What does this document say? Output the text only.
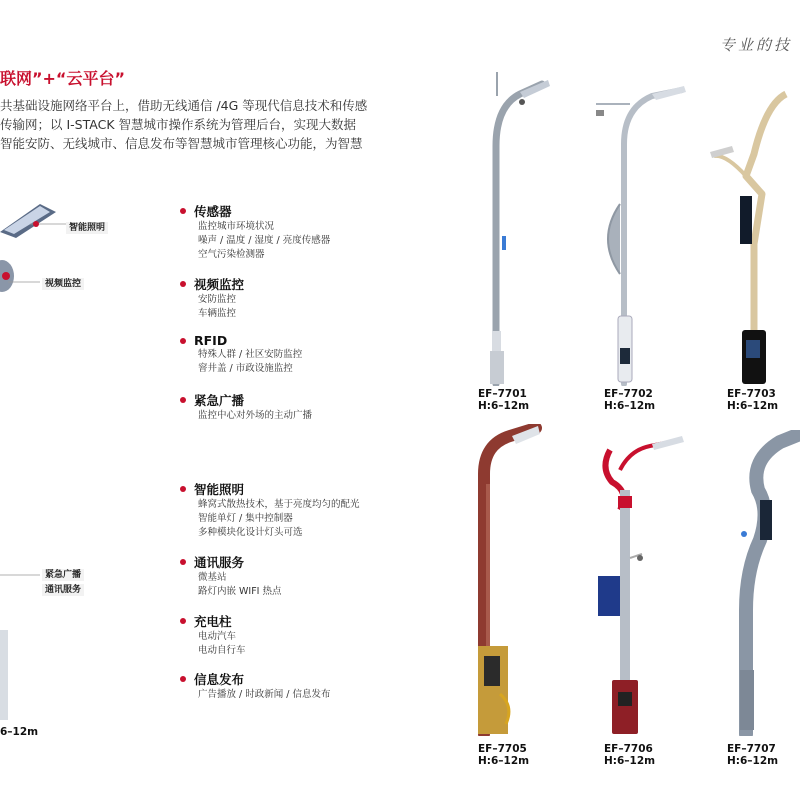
专业的技
联网”+“云平台”
共基础设施网络平台上，借助无线通信 /4G 等现代信息技术和传感
传输网；以 I-STACK 智慧城市操作系统为管理后台，实现大数据
智能安防、无线城市、信息发布等智慧城市管理核心功能，为智慧
智能照明
视频监控
紧急广播
通讯服务
6–12m
传感器
监控城市环境状况
噪声 / 温度 / 湿度 / 亮度传感器
空气污染检测器
视频监控
安防监控
车辆监控
RFID
特殊人群 / 社区安防监控
窨井盖 / 市政设施监控
紧急广播
监控中心对外场的主动广播
智能照明
蜂窝式散热技术，基于亮度均匀的配光
智能单灯 / 集中控制器
多种模块化设计灯头可选
通讯服务
微基站
路灯内嵌 WIFI 热点
充电柱
电动汽车
电动自行车
信息发布
广告播放 / 时政新闻 / 信息发布
EF–7701
H:6–12m
EF–7702
H:6–12m
EF–7703
H:6–12m
EF–7705
H:6–12m
EF–7706
H:6–12m
EF–7707
H:6–12m
